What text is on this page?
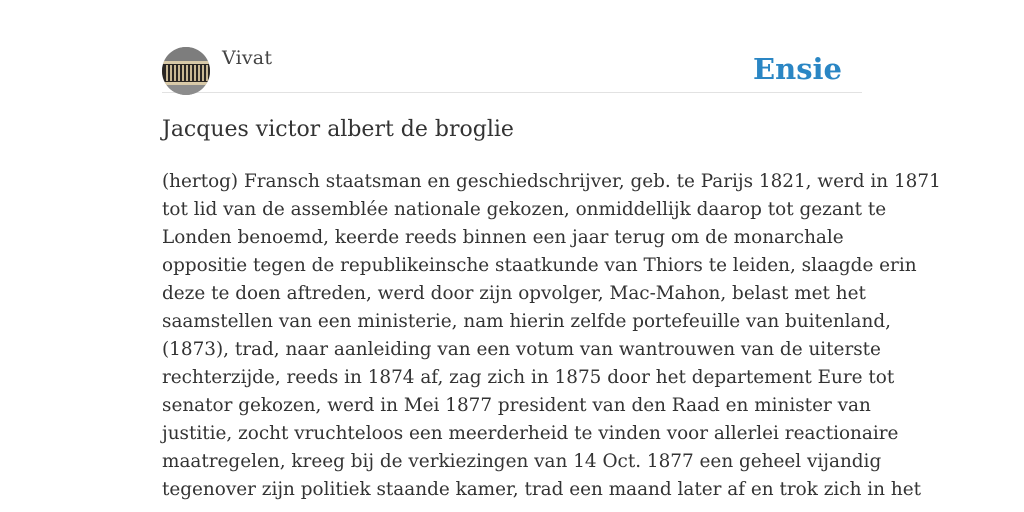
Vivat	Ensie
Jacques victor albert de broglie
(hertog) Fransch staatsman en geschiedschrijver, geb. te Parijs 1821, werd in 1871
tot lid van de assemblée nationale gekozen, onmiddellijk daarop tot gezant te
Londen benoemd, keerde reeds binnen een jaar terug om de monarchale
oppositie tegen de republikeinsche staatkunde van Thiors te leiden, slaagde erin
deze te doen aftreden, werd door zijn opvolger, Mac-Mahon, belast met het
saamstellen van een ministerie, nam hierin zelfde portefeuille van buitenland,
(1873), trad, naar aanleiding van een votum van wantrouwen van de uiterste
rechterzijde, reeds in 1874 af, zag zich in 1875 door het departement Eure tot
senator gekozen, werd in Mei 1877 president van den Raad en minister van
justitie, zocht vruchteloos een meerderheid te vinden voor allerlei reactionaire
maatregelen, kreeg bij de verkiezingen van 14 Oct. 1877 een geheel vijandig
tegenover zijn politiek staande kamer, trad een maand later af en trok zich in het
